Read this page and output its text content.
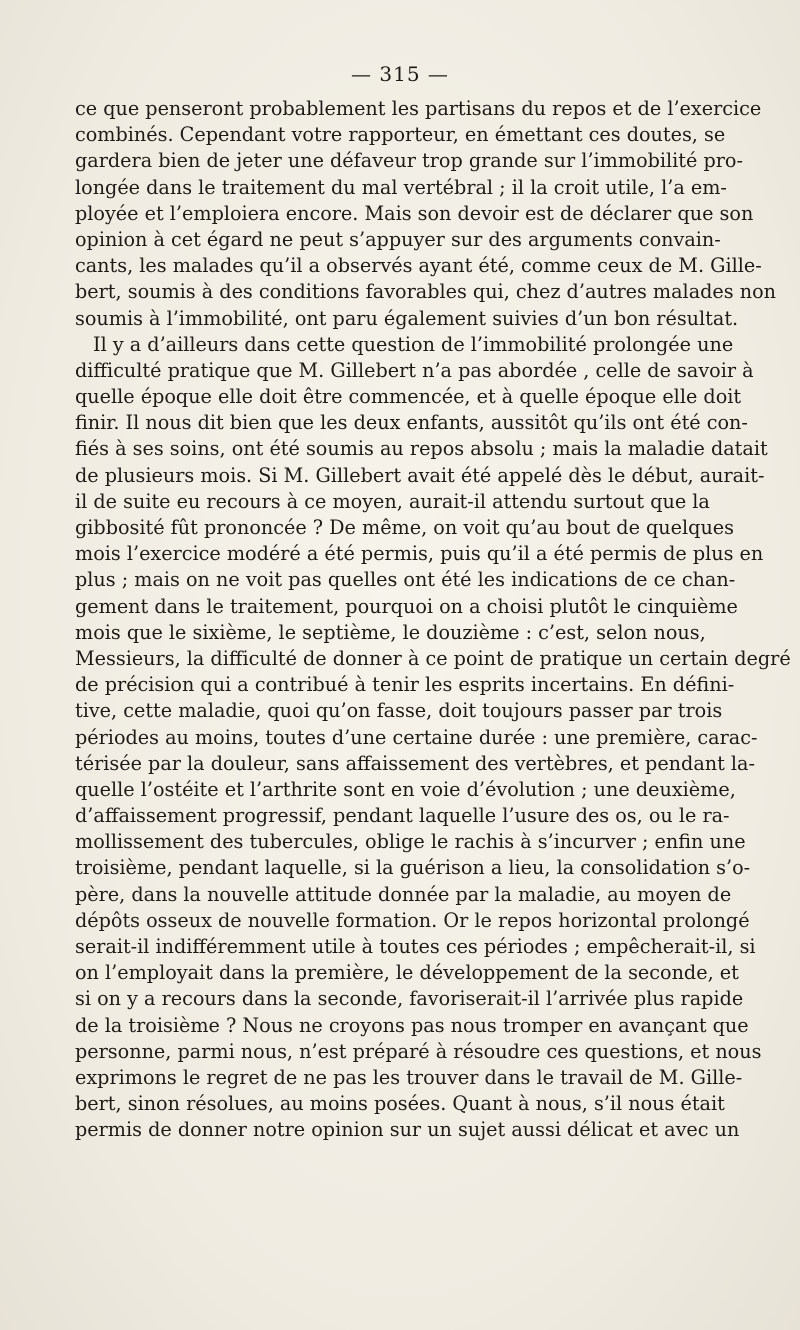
— 315 —
ce que penseront probablement les partisans du repos et de l’exercice
combinés. Cependant votre rapporteur, en émettant ces doutes, se
gardera bien de jeter une défaveur trop grande sur l’immobilité pro-
longée dans le traitement du mal vertébral ; il la croit utile, l’a em-
ployée et l’emploiera encore. Mais son devoir est de déclarer que son
opinion à cet égard ne peut s’appuyer sur des arguments convain-
cants, les malades qu’il a observés ayant été, comme ceux de M. Gille-
bert, soumis à des conditions favorables qui, chez d’autres malades non
soumis à l’immobilité, ont paru également suivies d’un bon résultat.
Il y a d’ailleurs dans cette question de l’immobilité prolongée une
difficulté pratique que M. Gillebert n’a pas abordée , celle de savoir à
quelle époque elle doit être commencée, et à quelle époque elle doit
finir. Il nous dit bien que les deux enfants, aussitôt qu’ils ont été con-
fiés à ses soins, ont été soumis au repos absolu ; mais la maladie datait
de plusieurs mois. Si M. Gillebert avait été appelé dès le début, aurait-
il de suite eu recours à ce moyen, aurait-il attendu surtout que la
gibbosité fût prononcée ? De même, on voit qu’au bout de quelques
mois l’exercice modéré a été permis, puis qu’il a été permis de plus en
plus ; mais on ne voit pas quelles ont été les indications de ce chan-
gement dans le traitement, pourquoi on a choisi plutôt le cinquième
mois que le sixième, le septième, le douzième : c’est, selon nous,
Messieurs, la difficulté de donner à ce point de pratique un certain degré
de précision qui a contribué à tenir les esprits incertains. En défini-
tive, cette maladie, quoi qu’on fasse, doit toujours passer par trois
périodes au moins, toutes d’une certaine durée : une première, carac-
térisée par la douleur, sans affaissement des vertèbres, et pendant la-
quelle l’ostéite et l’arthrite sont en voie d’évolution ; une deuxième,
d’affaissement progressif, pendant laquelle l’usure des os, ou le ra-
mollissement des tubercules, oblige le rachis à s’incurver ; enfin une
troisième, pendant laquelle, si la guérison a lieu, la consolidation s’o-
père, dans la nouvelle attitude donnée par la maladie, au moyen de
dépôts osseux de nouvelle formation. Or le repos horizontal prolongé
serait-il indifféremment utile à toutes ces périodes ; empêcherait-il, si
on l’employait dans la première, le développement de la seconde, et
si on y a recours dans la seconde, favoriserait-il l’arrivée plus rapide
de la troisième ? Nous ne croyons pas nous tromper en avançant que
personne, parmi nous, n’est préparé à résoudre ces questions, et nous
exprimons le regret de ne pas les trouver dans le travail de M. Gille-
bert, sinon résolues, au moins posées. Quant à nous, s’il nous était
permis de donner notre opinion sur un sujet aussi délicat et avec un
